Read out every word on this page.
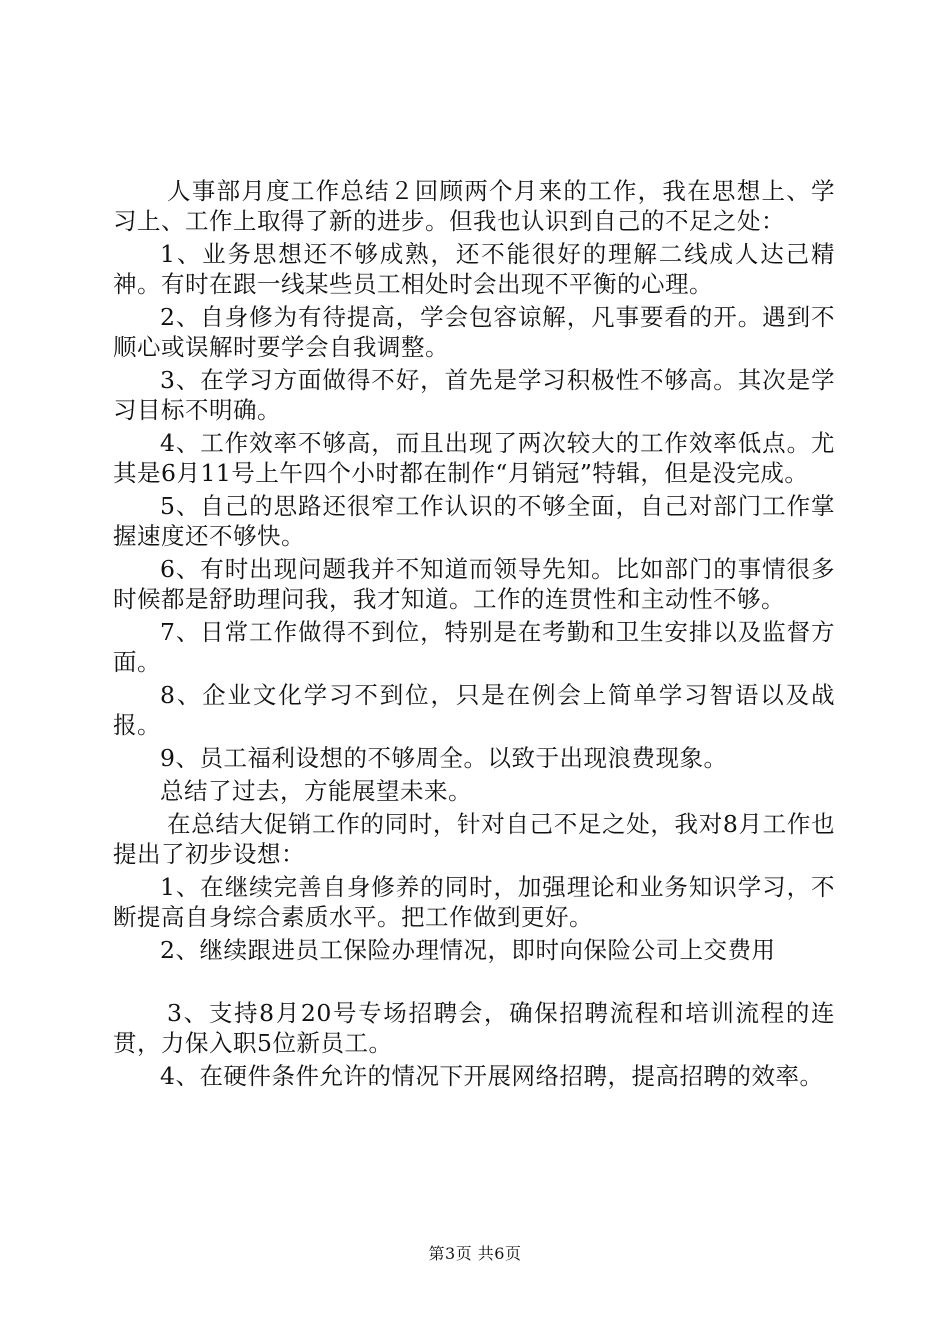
人事部月度工作总结２回顾两个月来的工作，我在思想上、学习上、工作上取得了新的进步。但我也认识到自己的不足之处：

1、业务思想还不够成熟，还不能很好的理解二线成人达己精神。有时在跟一线某些员工相处时会出现不平衡的心理。

2、自身修为有待提高，学会包容谅解，凡事要看的开。遇到不顺心或误解时要学会自我调整。

3、在学习方面做得不好，首先是学习积极性不够高。其次是学习目标不明确。

4、工作效率不够高，而且出现了两次较大的工作效率低点。尤其是6月11号上午四个小时都在制作“月销冠”特辑，但是没完成。

5、自己的思路还很窄工作认识的不够全面，自己对部门工作掌握速度还不够快。

6、有时出现问题我并不知道而领导先知。比如部门的事情很多时候都是舒助理问我，我才知道。工作的连贯性和主动性不够。

7、日常工作做得不到位，特别是在考勤和卫生安排以及监督方面。

8、企业文化学习不到位，只是在例会上简单学习智语以及战报。

9、员工福利设想的不够周全。以致于出现浪费现象。

总结了过去，方能展望未来。

在总结大促销工作的同时，针对自己不足之处，我对8月工作也提出了初步设想：

1、在继续完善自身修养的同时，加强理论和业务知识学习，不断提高自身综合素质水平。把工作做到更好。

2、继续跟进员工保险办理情况，即时向保险公司上交费用

3、支持8月20号专场招聘会，确保招聘流程和培训流程的连贯，力保入职5位新员工。

4、在硬件条件允许的情况下开展网络招聘，提高招聘的效率。

第3页 共6页
